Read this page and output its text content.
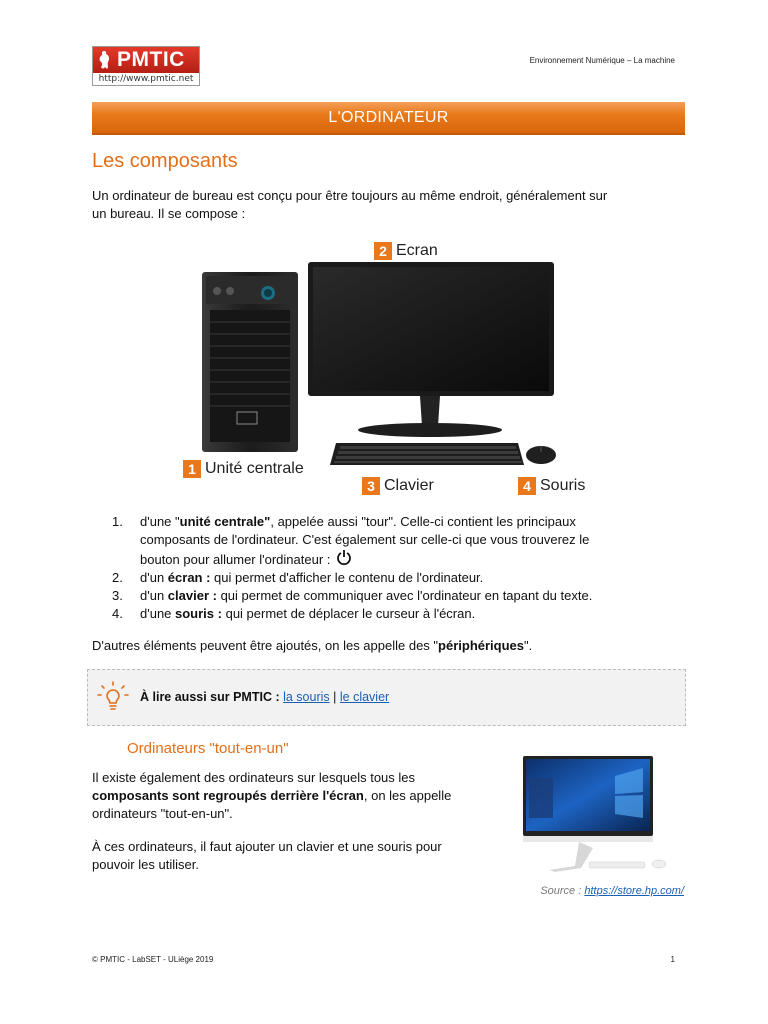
PMTIC
http://www.pmtic.net
Environnement Numérique – La machine
L'ORDINATEUR
Les composants
Un ordinateur de bureau est conçu pour être toujours au même endroit, généralement sur
un bureau. Il se compose :
1 Unité centrale
2 Ecran
3 Clavier	4 Souris
1.	d'une "unité centrale", appelée aussi "tour". Celle-ci contient les principaux
composants de l'ordinateur. C'est également sur celle-ci que vous trouverez le
bouton pour allumer l'ordinateur :
2.	d'un écran : qui permet d'afficher le contenu de l'ordinateur.
3.	d'un clavier : qui permet de communiquer avec l'ordinateur en tapant du texte.
4.	d'une souris : qui permet de déplacer le curseur à l'écran.
D'autres éléments peuvent être ajoutés, on les appelle des "périphériques".
À lire aussi sur PMTIC : la souris | le clavier
Ordinateurs "tout-en-un"
Il existe également des ordinateurs sur lesquels tous les
composants sont regroupés derrière l'écran, on les appelle
ordinateurs "tout-en-un".
À ces ordinateurs, il faut ajouter un clavier et une souris pour
pouvoir les utiliser.
Source : https://store.hp.com/
© PMTIC - LabSET - ULiège 2019	1
